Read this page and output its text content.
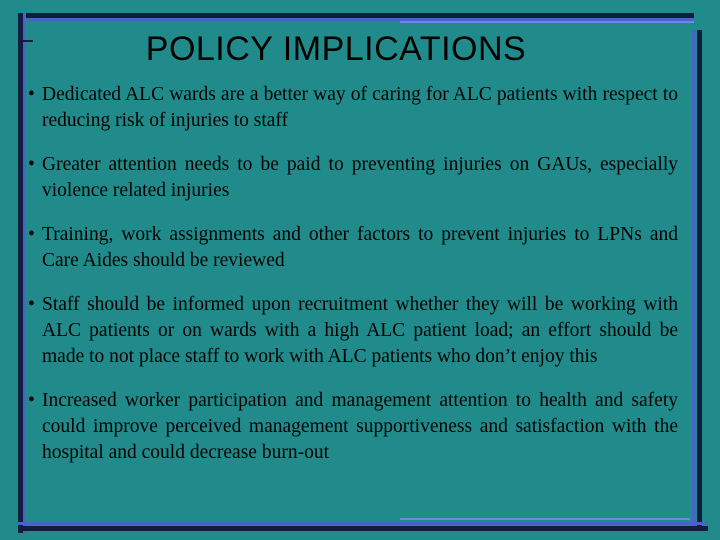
POLICY IMPLICATIONS
• Dedicated ALC wards are a better way of caring for ALC patients with respect to reducing risk of injuries to staff
• Greater attention needs to be paid to preventing injuries on GAUs, especially violence related injuries
• Training, work assignments and other factors to prevent injuries to LPNs and Care Aides should be reviewed
• Staff should be informed upon recruitment whether they will be working with ALC patients or on wards with a high ALC patient load; an effort should be made to not place staff to work with ALC patients who don’t enjoy this
• Increased worker participation and management attention to health and safety could improve perceived management supportiveness and satisfaction with the hospital and could decrease burn-out
